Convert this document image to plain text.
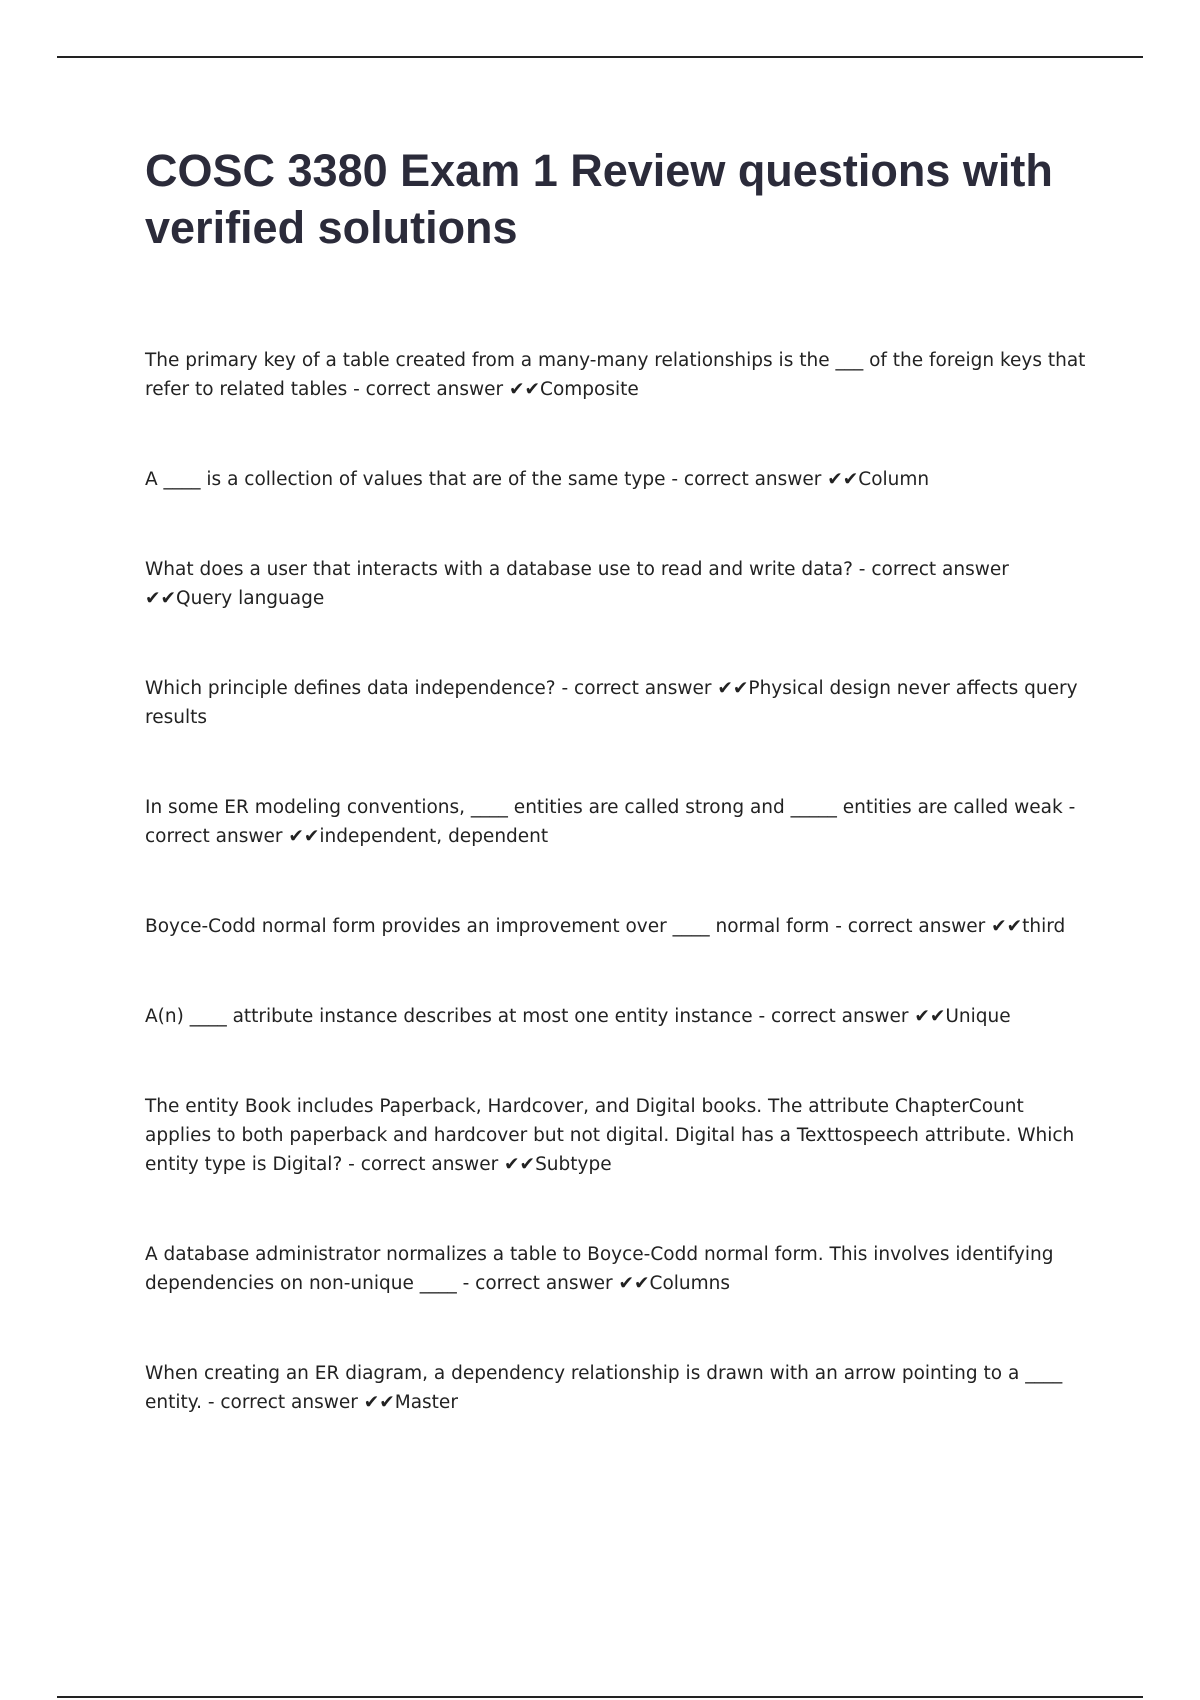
COSC 3380 Exam 1 Review questions with verified solutions
The primary key of a table created from a many-many relationships is the ___ of the foreign keys that refer to related tables - correct answer ✔✔Composite
A ____ is a collection of values that are of the same type - correct answer ✔✔Column
What does a user that interacts with a database use to read and write data? - correct answer ✔✔Query language
Which principle defines data independence? - correct answer ✔✔Physical design never affects query results
In some ER modeling conventions, ____ entities are called strong and _____ entities are called weak - correct answer ✔✔independent, dependent
Boyce-Codd normal form provides an improvement over ____ normal form - correct answer ✔✔third
A(n) ____ attribute instance describes at most one entity instance - correct answer ✔✔Unique
The entity Book includes Paperback, Hardcover, and Digital books. The attribute ChapterCount applies to both paperback and hardcover but not digital. Digital has a Texttospeech attribute. Which entity type is Digital? - correct answer ✔✔Subtype
A database administrator normalizes a table to Boyce-Codd normal form. This involves identifying dependencies on non-unique ____ - correct answer ✔✔Columns
When creating an ER diagram, a dependency relationship is drawn with an arrow pointing to a ____ entity. - correct answer ✔✔Master
